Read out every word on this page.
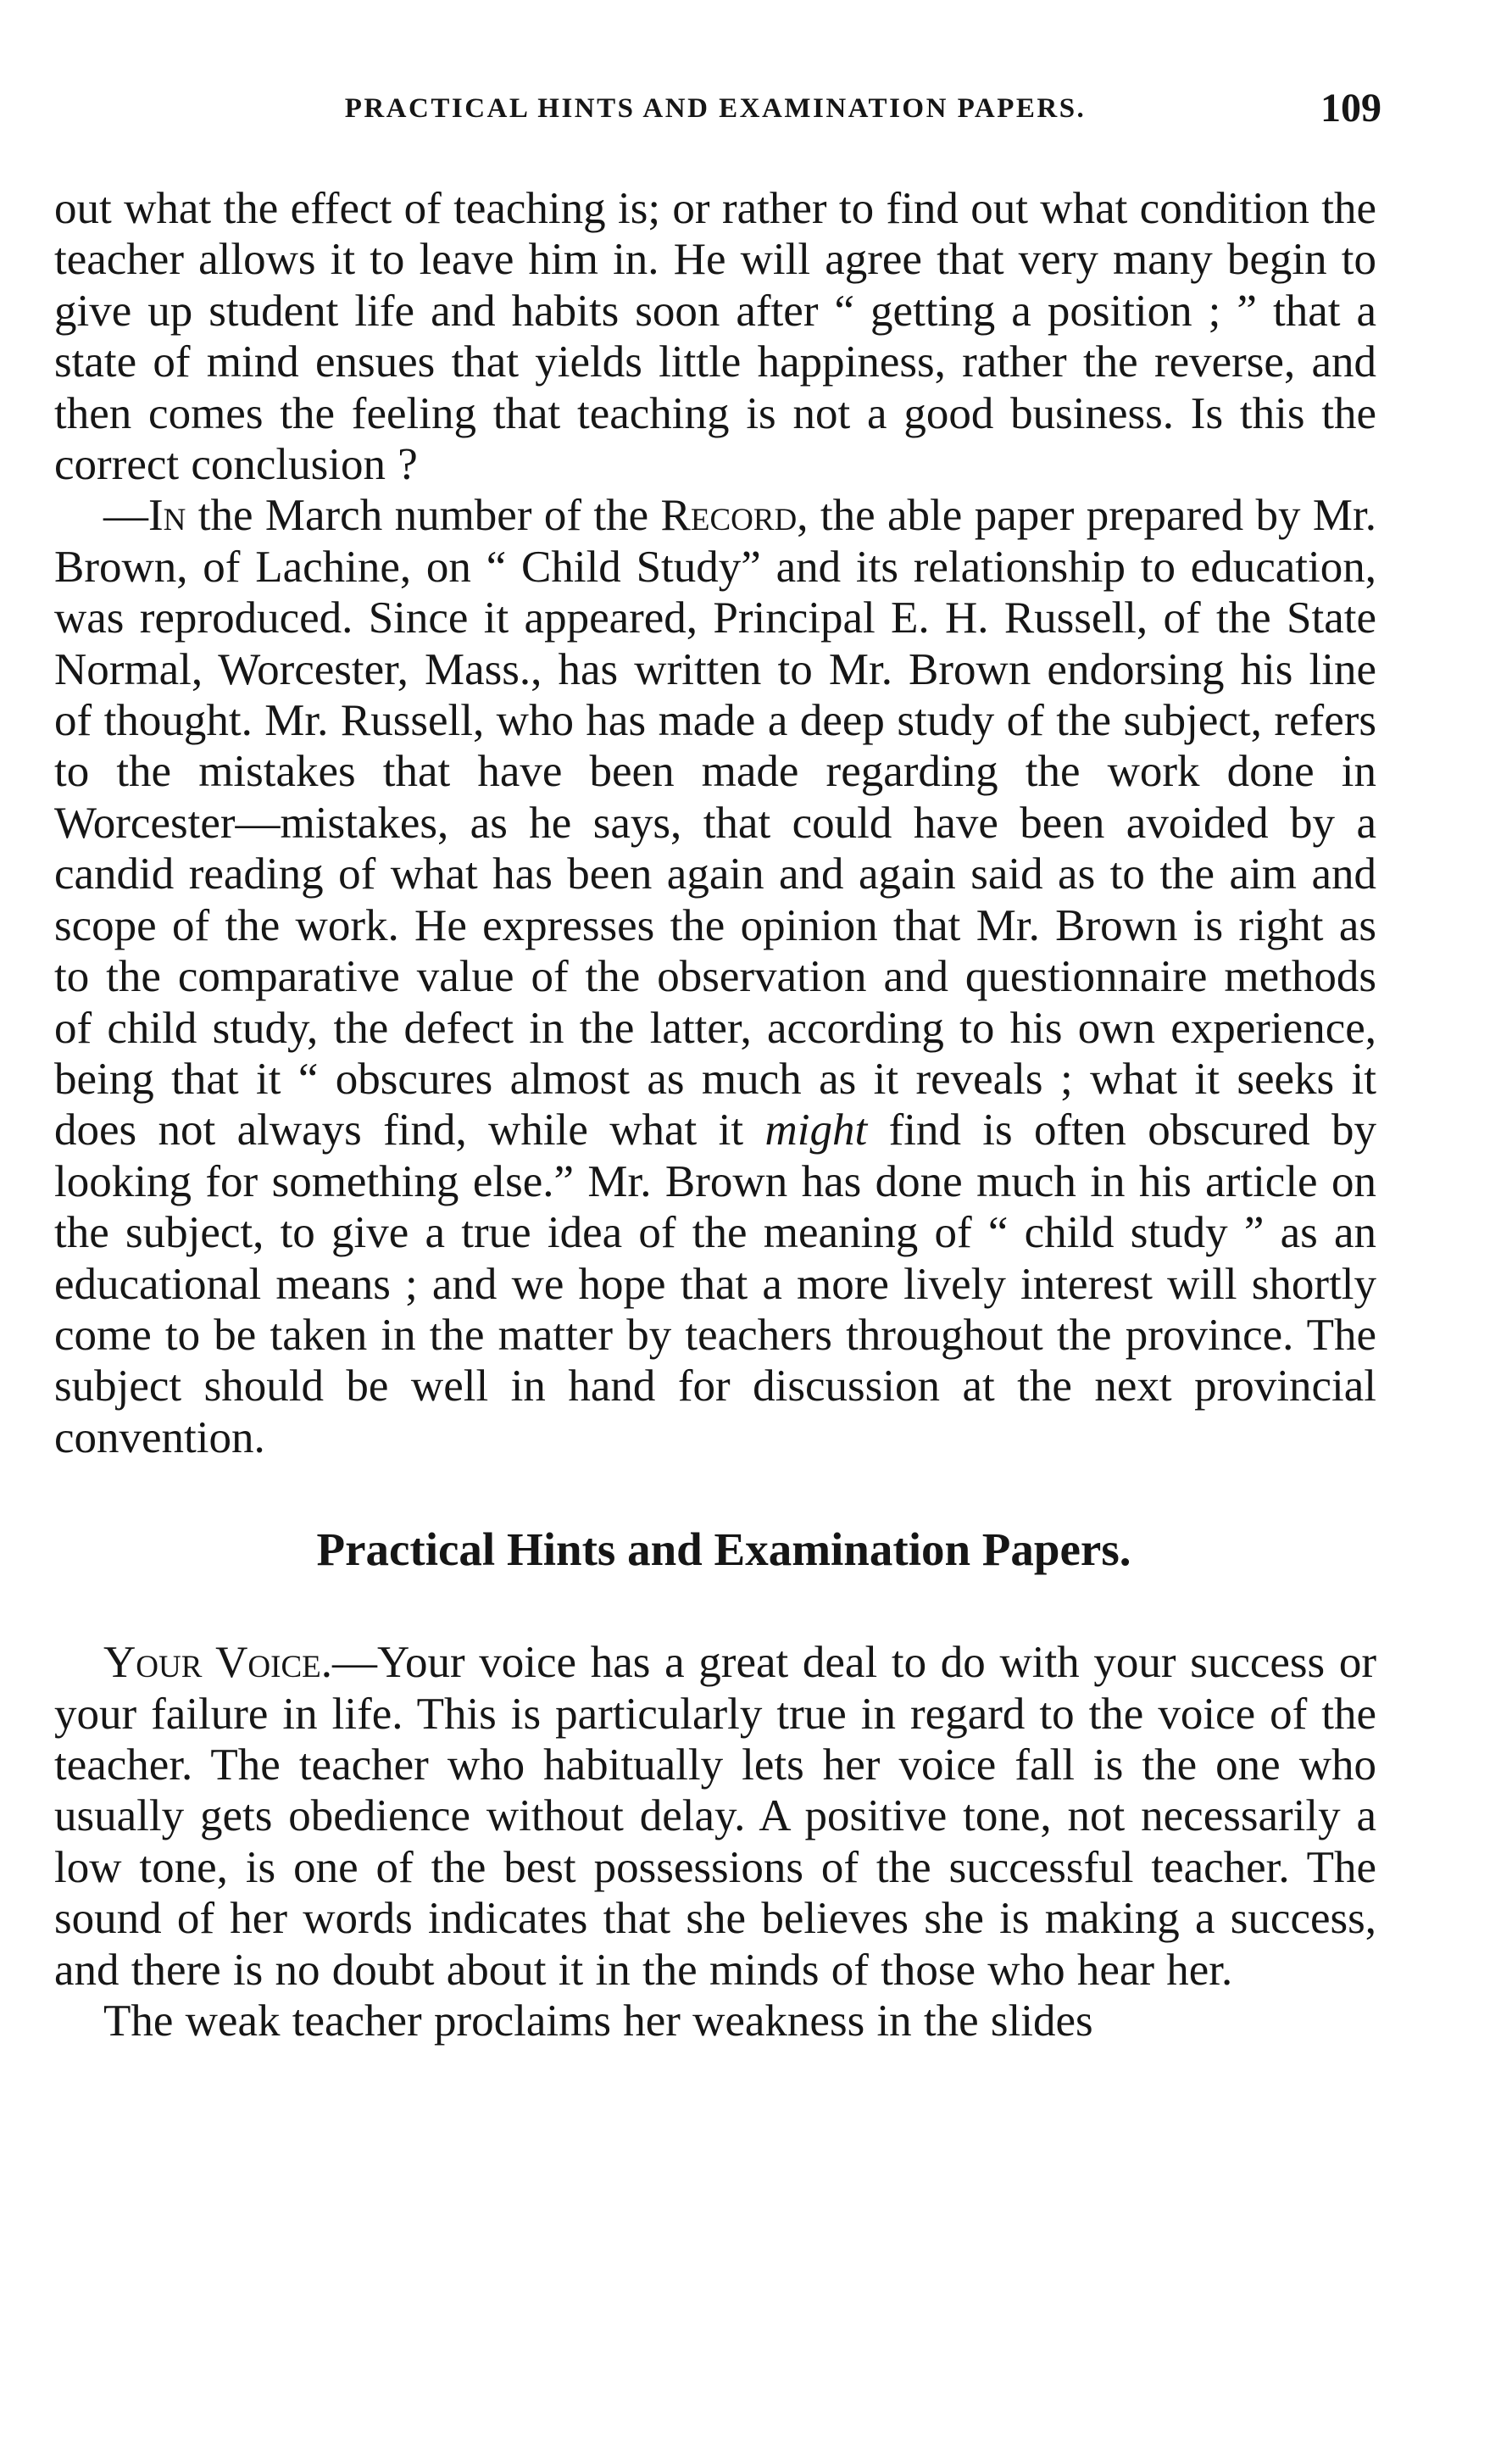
PRACTICAL HINTS AND EXAMINATION PAPERS.	109

out what the effect of teaching is; or rather to find out what condition the teacher allows it to leave him in. He will agree that very many begin to give up student life and habits soon after “ getting a position ; ” that a state of mind ensues that yields little happiness, rather the reverse, and then comes the feeling that teaching is not a good business. Is this the correct conclusion ?

—In the March number of the Record, the able paper prepared by Mr. Brown, of Lachine, on “ Child Study” and its relationship to education, was reproduced. Since it appeared, Principal E. H. Russell, of the State Normal, Worcester, Mass., has written to Mr. Brown endorsing his line of thought. Mr. Russell, who has made a deep study of the subject, refers to the mistakes that have been made regarding the work done in Worcester—mistakes, as he says, that could have been avoided by a candid reading of what has been again and again said as to the aim and scope of the work. He expresses the opinion that Mr. Brown is right as to the comparative value of the observation and questionnaire methods of child study, the defect in the latter, according to his own experience, being that it “ obscures almost as much as it reveals ; what it seeks it does not always find, while what it might find is often obscured by looking for something else.” Mr. Brown has done much in his article on the subject, to give a true idea of the meaning of “ child study ” as an educational means ; and we hope that a more lively interest will shortly come to be taken in the matter by teachers throughout the province. The subject should be well in hand for discussion at the next provincial convention.

Practical Hints and Examination Papers.

Your Voice.—Your voice has a great deal to do with your success or your failure in life. This is particularly true in regard to the voice of the teacher. The teacher who habitually lets her voice fall is the one who usually gets obedience without delay. A positive tone, not necessarily a low tone, is one of the best possessions of the successful teacher. The sound of her words indicates that she believes she is making a success, and there is no doubt about it in the minds of those who hear her.

The weak teacher proclaims her weakness in the slides
